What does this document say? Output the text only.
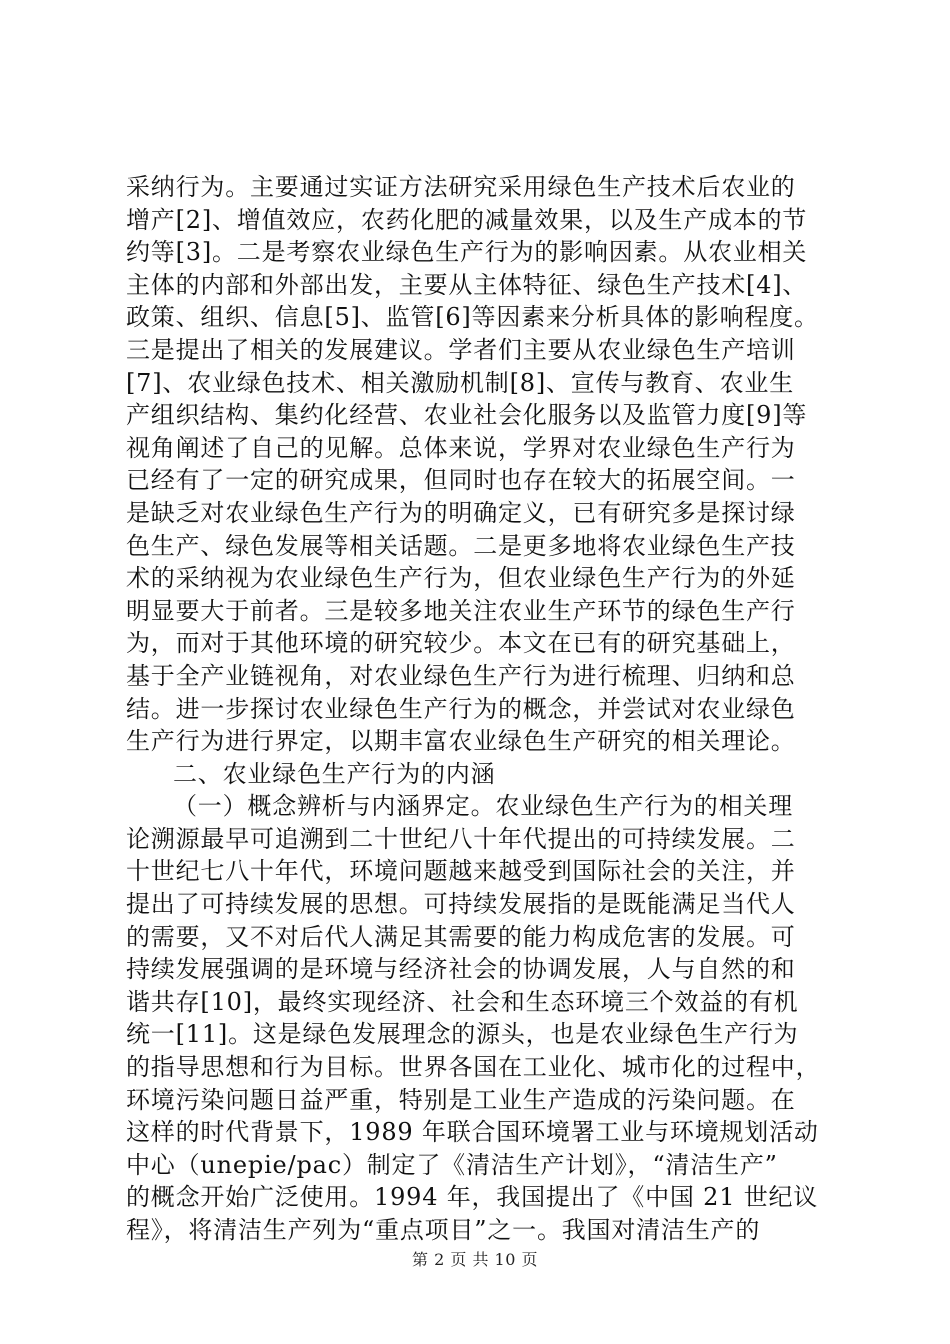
采纳行为。主要通过实证方法研究采用绿色生产技术后农业的
增产[2]、增值效应，农药化肥的减量效果，以及生产成本的节
约等[3]。二是考察农业绿色生产行为的影响因素。从农业相关
主体的内部和外部出发，主要从主体特征、绿色生产技术[4]、
政策、组织、信息[5]、监管[6]等因素来分析具体的影响程度。
三是提出了相关的发展建议。学者们主要从农业绿色生产培训
[7]、农业绿色技术、相关激励机制[8]、宣传与教育、农业生
产组织结构、集约化经营、农业社会化服务以及监管力度[9]等
视角阐述了自己的见解。总体来说，学界对农业绿色生产行为
已经有了一定的研究成果，但同时也存在较大的拓展空间。一
是缺乏对农业绿色生产行为的明确定义，已有研究多是探讨绿
色生产、绿色发展等相关话题。二是更多地将农业绿色生产技
术的采纳视为农业绿色生产行为，但农业绿色生产行为的外延
明显要大于前者。三是较多地关注农业生产环节的绿色生产行
为，而对于其他环境的研究较少。本文在已有的研究基础上，
基于全产业链视角，对农业绿色生产行为进行梳理、归纳和总
结。进一步探讨农业绿色生产行为的概念，并尝试对农业绿色
生产行为进行界定，以期丰富农业绿色生产研究的相关理论。
二、农业绿色生产行为的内涵
（一）概念辨析与内涵界定。农业绿色生产行为的相关理
论溯源最早可追溯到二十世纪八十年代提出的可持续发展。二
十世纪七八十年代，环境问题越来越受到国际社会的关注，并
提出了可持续发展的思想。可持续发展指的是既能满足当代人
的需要，又不对后代人满足其需要的能力构成危害的发展。可
持续发展强调的是环境与经济社会的协调发展，人与自然的和
谐共存[10]，最终实现经济、社会和生态环境三个效益的有机
统一[11]。这是绿色发展理念的源头，也是农业绿色生产行为
的指导思想和行为目标。世界各国在工业化、城市化的过程中，
环境污染问题日益严重，特别是工业生产造成的污染问题。在
这样的时代背景下，1989 年联合国环境署工业与环境规划活动
中心（unepie/pac）制定了《清洁生产计划》，“清洁生产”
的概念开始广泛使用。1994 年，我国提出了《中国 21 世纪议
程》，将清洁生产列为“重点项目”之一。我国对清洁生产的
第 2 页 共 10 页
